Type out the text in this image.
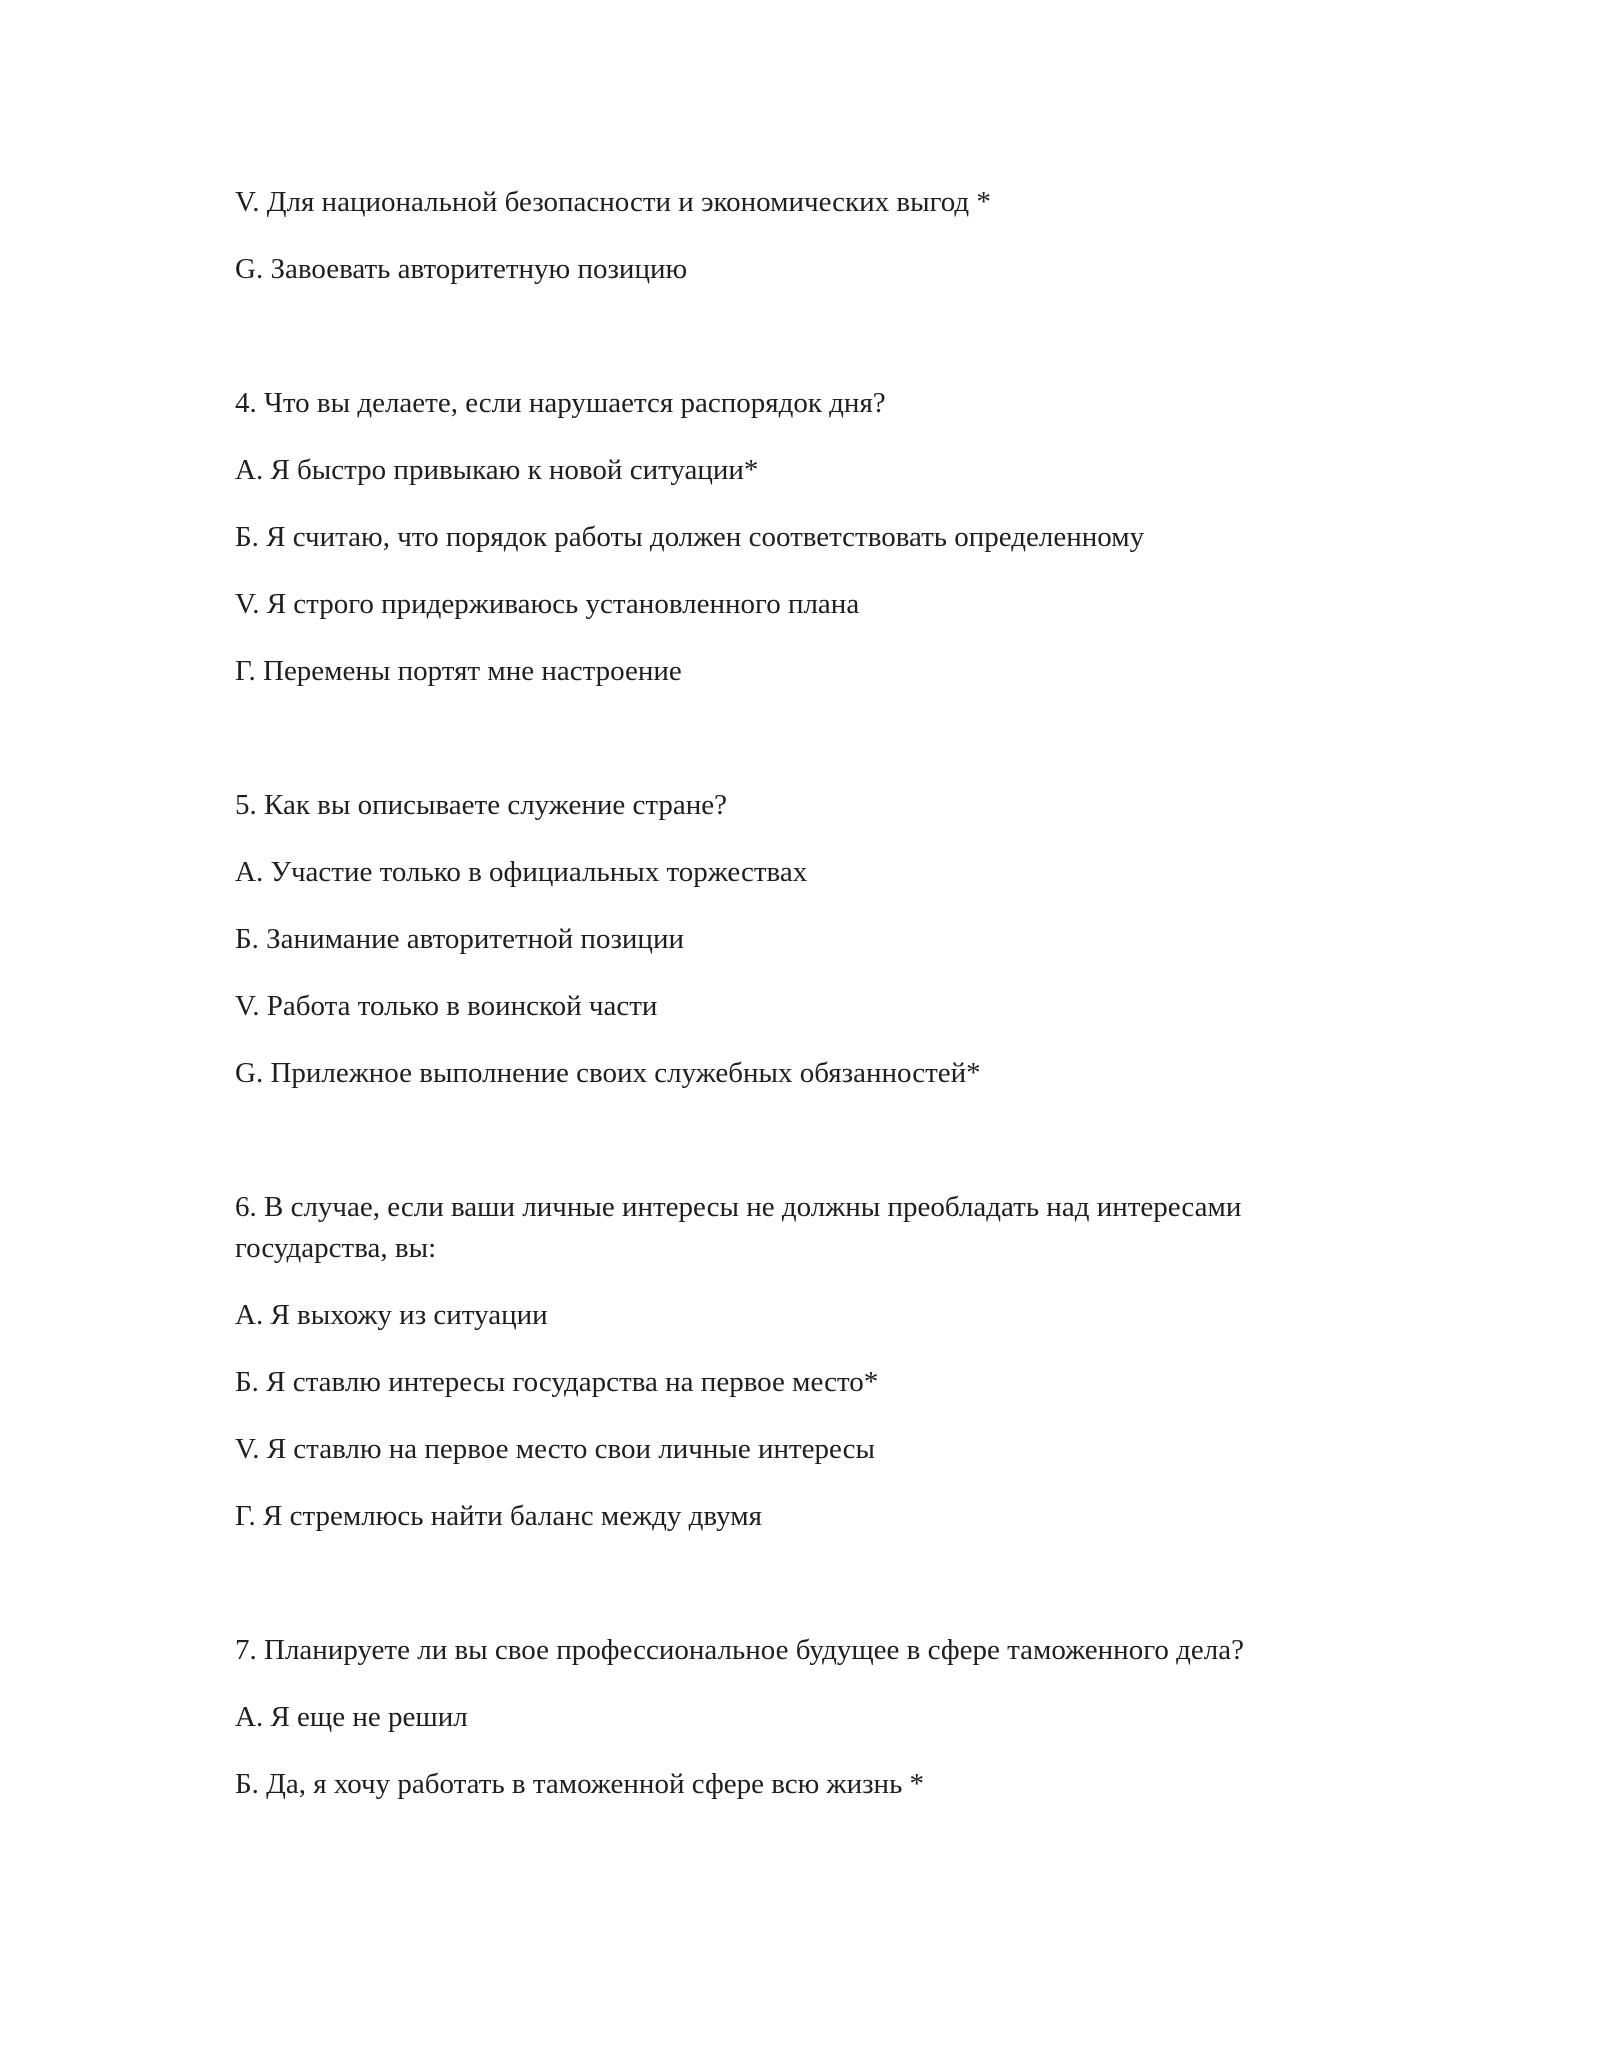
V. Для национальной безопасности и экономических выгод *
G. Завоевать авторитетную позицию
4. Что вы делаете, если нарушается распорядок дня?
А. Я быстро привыкаю к новой ситуации*
Б. Я считаю, что порядок работы должен соответствовать определенному
V. Я строго придерживаюсь установленного плана
Г. Перемены портят мне настроение
5. Как вы описываете служение стране?
А. Участие только в официальных торжествах
Б. Занимание авторитетной позиции
V. Работа только в воинской части
G. Прилежное выполнение своих служебных обязанностей*
6. В случае, если ваши личные интересы не должны преобладать над интересами государства, вы:
А. Я выхожу из ситуации
Б. Я ставлю интересы государства на первое место*
V. Я ставлю на первое место свои личные интересы
Г. Я стремлюсь найти баланс между двумя
7. Планируете ли вы свое профессиональное будущее в сфере таможенного дела?
А. Я еще не решил
Б. Да, я хочу работать в таможенной сфере всю жизнь *
